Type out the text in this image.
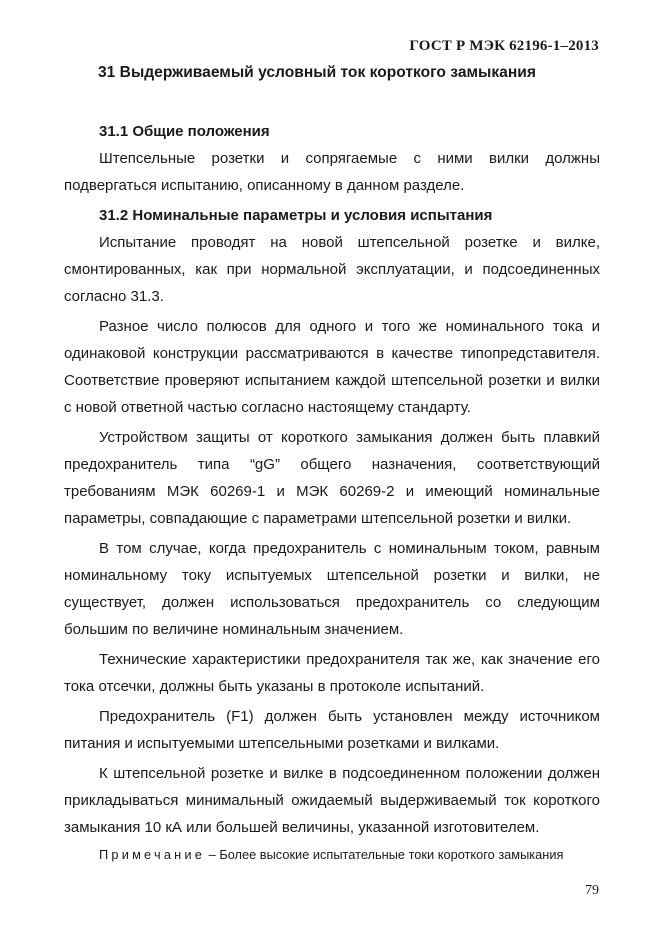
ГОСТ Р МЭК 62196-1–2013
31 Выдерживаемый условный ток короткого замыкания
31.1 Общие положения

Штепсельные розетки и сопрягаемые с ними вилки должны подвергаться испытанию, описанному в данном разделе.

31.2 Номинальные параметры и условия испытания

Испытание проводят на новой штепсельной розетке и вилке, смонтированных, как при нормальной эксплуатации, и подсоединенных согласно 31.3.

Разное число полюсов для одного и того же номинального тока и одинаковой конструкции рассматриваются в качестве типопредставителя. Соответствие проверяют испытанием каждой штепсельной розетки и вилки с новой ответной частью согласно настоящему стандарту.

Устройством защиты от короткого замыкания должен быть плавкий предохранитель типа “gG” общего назначения, соответствующий требованиям МЭК 60269-1 и МЭК 60269-2 и имеющий номинальные параметры, совпадающие с параметрами штепсельной розетки и вилки.

В том случае, когда предохранитель с номинальным током, равным номинальному току испытуемых штепсельной розетки и вилки, не существует, должен использоваться предохранитель со следующим большим по величине номинальным значением.

Технические характеристики предохранителя так же, как значение его тока отсечки, должны быть указаны в протоколе испытаний.

Предохранитель (F1) должен быть установлен между источником питания и испытуемыми штепсельными розетками и вилками.

К штепсельной розетке и вилке в подсоединенном положении должен прикладываться минимальный ожидаемый выдерживаемый ток короткого замыкания 10 кА или большей величины, указанной изготовителем.

Примечание – Более высокие испытательные токи короткого замыкания

79
